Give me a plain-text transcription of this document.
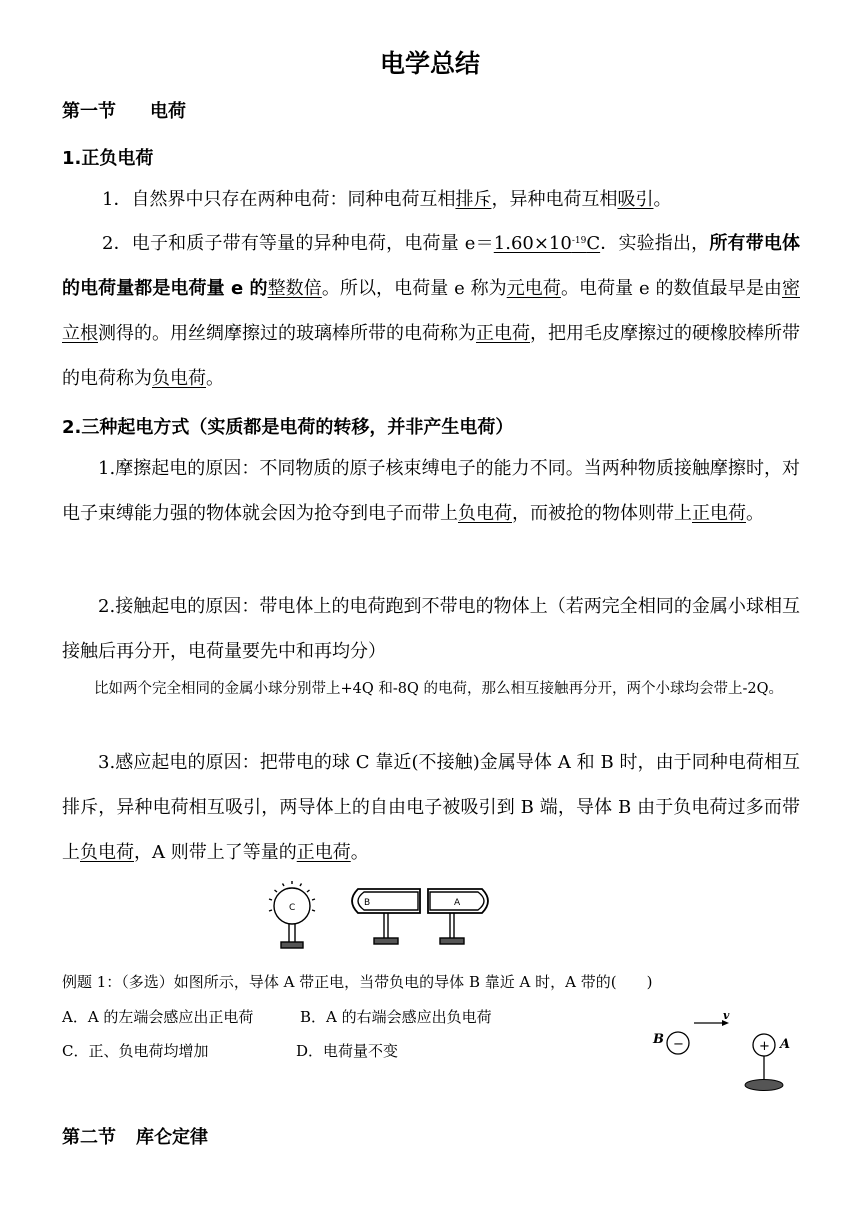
电学总结
第一节 电荷
1.正负电荷
1．自然界中只存在两种电荷：同种电荷互相排斥，异种电荷互相吸引。
2．电子和质子带有等量的异种电荷，电荷量 $e=1.60\times 10^{-19}C$．实验指出，所有带电体的电荷量都是电荷量 e 的整数倍。所以，电荷量 e 称为元电荷。电荷量 e 的数值最早是由密立根测得的。用丝绸摩擦过的玻璃棒所带的电荷称为正电荷，把用毛皮摩擦过的硬橡胶棒所带的电荷称为负电荷。
2.三种起电方式（实质都是电荷的转移，并非产生电荷）
1.摩擦起电的原因：不同物质的原子核束缚电子的能力不同。当两种物质接触摩擦时，对电子束缚能力强的物体就会因为抢夺到电子而带上负电荷，而被抢的物体则带上正电荷。
2.接触起电的原因：带电体上的电荷跑到不带电的物体上（若两完全相同的金属小球相互接触后再分开，电荷量要先中和再均分）
比如两个完全相同的金属小球分别带上+4Q 和-8Q 的电荷，那么相互接触再分开，两个小球均会带上-2Q。
3.感应起电的原因：把带电的球 C 靠近(不接触)金属导体 A 和 B 时，由于同种电荷相互排斥，异种电荷相互吸引，两导体上的自由电子被吸引到 B 端，导体 B 由于负电荷过多而带上负电荷，A 则带上了等量的正电荷。
C	B	A
例题 1：（多选）如图所示，导体 A 带正电，当带负电的导体 B 靠近 A 时，A 带的(　　)
A．A 的左端会感应出正电荷	B．A 的右端会感应出负电荷
C．正、负电荷均增加	D．电荷量不变
B −
v
+ A
第二节 库仑定律
